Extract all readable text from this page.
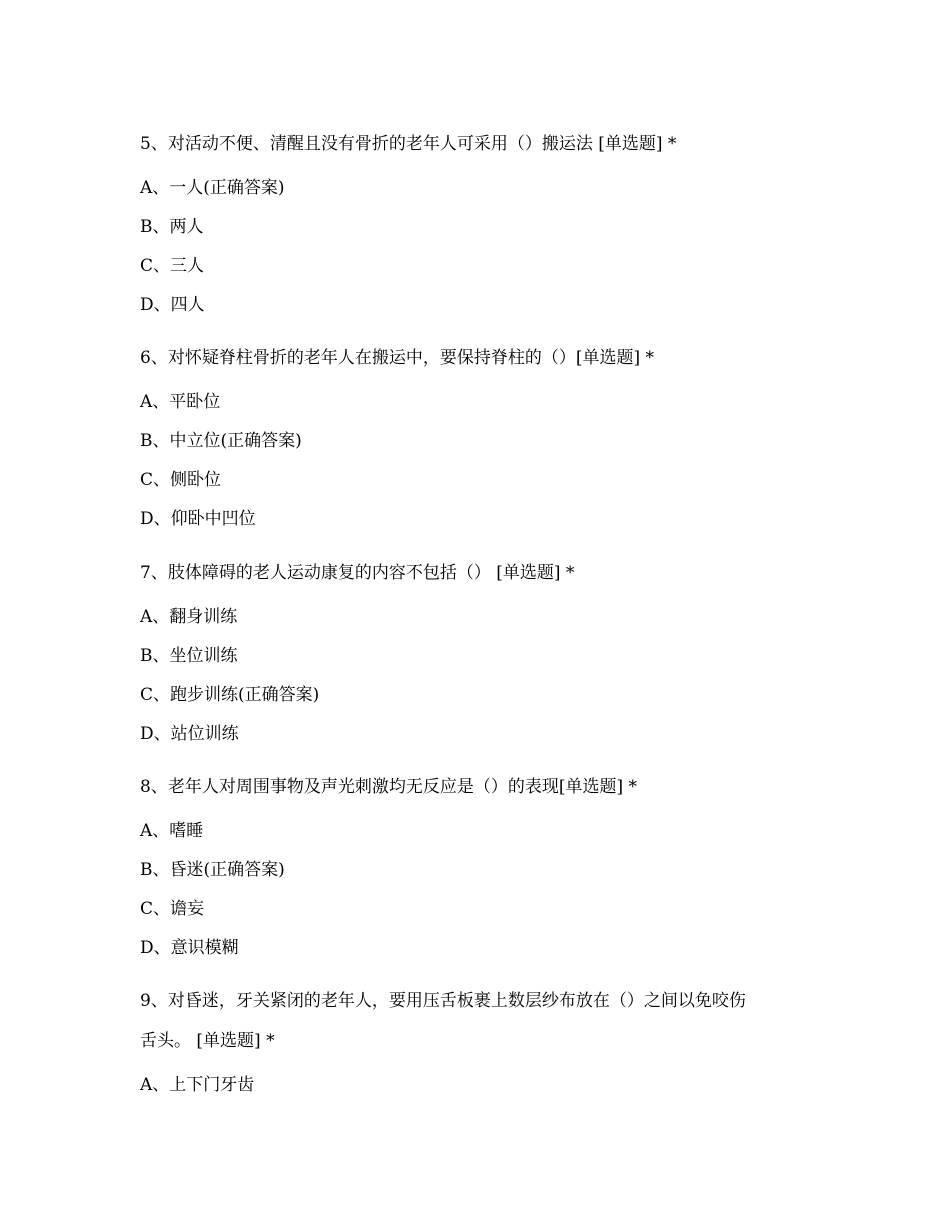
5、对活动不便、清醒且没有骨折的老年人可采用（）搬运法 [单选题] *
A、一人(正确答案)
B、两人
C、三人
D、四人
6、对怀疑脊柱骨折的老年人在搬运中，要保持脊柱的（）[单选题] *
A、平卧位
B、中立位(正确答案)
C、侧卧位
D、仰卧中凹位
7、肢体障碍的老人运动康复的内容不包括（） [单选题] *
A、翻身训练
B、坐位训练
C、跑步训练(正确答案)
D、站位训练
8、老年人对周围事物及声光刺激均无反应是（）的表现[单选题] *
A、嗜睡
B、昏迷(正确答案)
C、谵妄
D、意识模糊
9、对昏迷，牙关紧闭的老年人，要用压舌板裹上数层纱布放在（）之间以免咬伤
舌头。 [单选题] *
A、上下门牙齿
